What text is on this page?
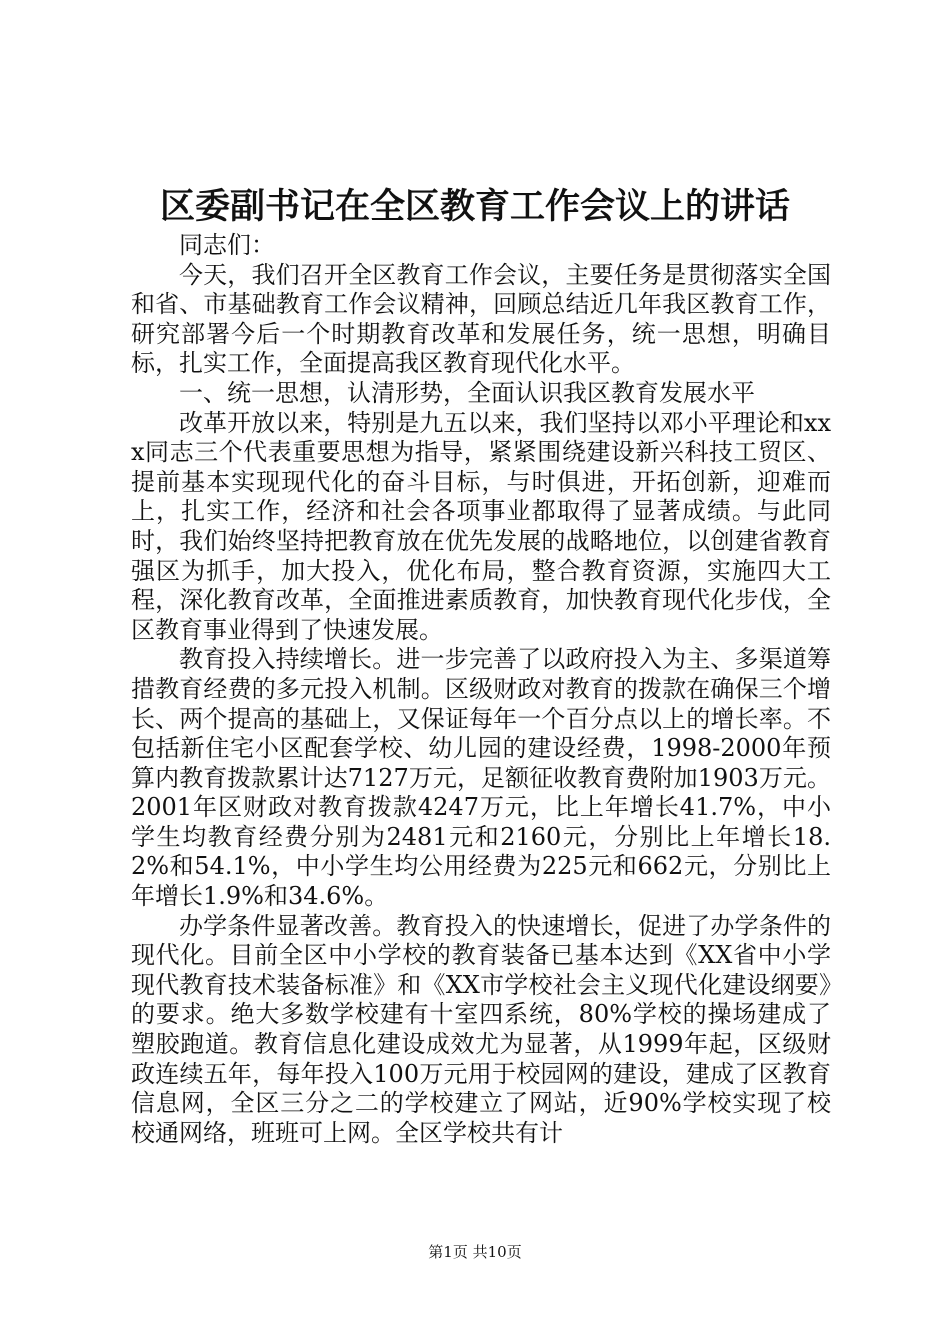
区委副书记在全区教育工作会议上的讲话

同志们：

今天，我们召开全区教育工作会议，主要任务是贯彻落实全国和省、市基础教育工作会议精神，回顾总结近几年我区教育工作，研究部署今后一个时期教育改革和发展任务，统一思想，明确目标，扎实工作，全面提高我区教育现代化水平。

一、统一思想，认清形势，全面认识我区教育发展水平

改革开放以来，特别是九五以来，我们坚持以邓小平理论和xxx同志三个代表重要思想为指导，紧紧围绕建设新兴科技工贸区、提前基本实现现代化的奋斗目标，与时俱进，开拓创新，迎难而上，扎实工作，经济和社会各项事业都取得了显著成绩。与此同时，我们始终坚持把教育放在优先发展的战略地位，以创建省教育强区为抓手，加大投入，优化布局，整合教育资源，实施四大工程，深化教育改革，全面推进素质教育，加快教育现代化步伐，全区教育事业得到了快速发展。

教育投入持续增长。进一步完善了以政府投入为主、多渠道筹措教育经费的多元投入机制。区级财政对教育的拨款在确保三个增长、两个提高的基础上，又保证每年一个百分点以上的增长率。不包括新住宅小区配套学校、幼儿园的建设经费，1998-2000年预算内教育拨款累计达7127万元，足额征收教育费附加1903万元。2001年区财政对教育拨款4247万元，比上年增长41.7%，中小学生均教育经费分别为2481元和2160元，分别比上年增长18.2%和54.1%，中小学生均公用经费为225元和662元，分别比上年增长1.9%和34.6%。

办学条件显著改善。教育投入的快速增长，促进了办学条件的现代化。目前全区中小学校的教育装备已基本达到《XX省中小学现代教育技术装备标准》和《XX市学校社会主义现代化建设纲要》的要求。绝大多数学校建有十室四系统，80%学校的操场建成了塑胶跑道。教育信息化建设成效尤为显著，从1999年起，区级财政连续五年，每年投入100万元用于校园网的建设，建成了区教育信息网，全区三分之二的学校建立了网站，近90%学校实现了校校通网络，班班可上网。全区学校共有计

第1页 共10页
